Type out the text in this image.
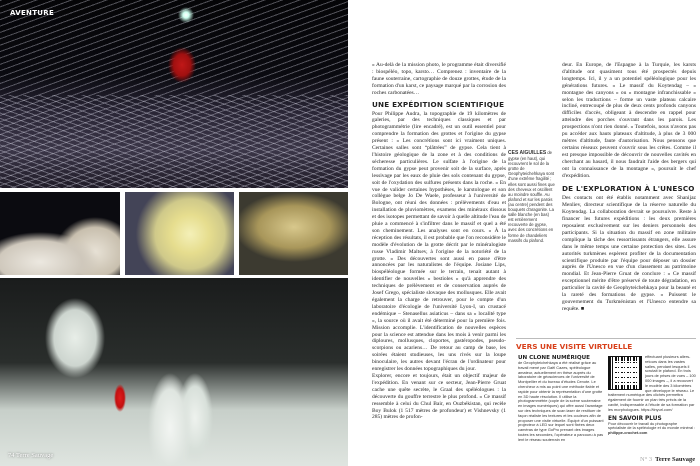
AVENTURE
74 Terre Sauvage

» Au-delà de la mission photo, le programme était diversifié : biospéléo, topo, karsto… Comprenez : inventaire de la faune souterraine, cartographie de douze grottes, étude de la formation d'un karst, ce paysage marqué par la corrosion des roches carbonatées…

UNE EXPÉDITION SCIENTIFIQUE

Pour Philippe Audra, la topographie de 19 kilomètres de galeries, par des techniques classiques et par photogrammétrie (lire encadré), est un outil essentiel pour comprendre la formation des grottes et l'origine du gypse présent : « Les concrétions sont ici vraiment uniques. Certaines salles sont “plâtrées” de gypse. Cela tient à l'histoire géologique de la zone et à des conditions de sécheresse particulières. Le sulfate à l'origine de la formation du gypse peut provenir soit de la surface, après lessivage par les eaux de pluie des sols contenant du gypse, soit de l'oxydation des sulfures présents dans la roche. » En vue de valider certaines hypothèses, le karstologue et son collègue belge Jo De Waele, professeur à l'université de Bologne, ont réuni des données : prélèvements d'eau et installation de pluviomètres, examens des minéraux dissous et des isotopes permettant de savoir à quelle altitude l'eau de pluie a commencé à s'infiltrer dans le massif et quel a été son cheminement. Les analyses sont en cours. « À la réception des résultats, il est probable que l'on reconsidère le modèle d'évolution de la grotte décrit par le minéralogiste russe Vladimir Maltsev, à l'origine de la notoriété de la grotte. » Des découvertes sont aussi en passe d'être annoncées par les naturalistes de l'équipe. Josiane Lips, biospéléologue formée sur le terrain, tenait autant à identifier de nouvelles « bestioles » qu'à apprendre des techniques de prélèvement et de conservation auprès de Josef Grego, spécialiste slovaque des mollusques. Elle avait également la charge de retrouver, pour le compte d'un laboratoire d'écologie de l'université Lyon-I, un crustacé endémique – Stenasellus asiaticus – dans sa « localité type », la source où il avait été déterminé pour la première fois. Mission accomplie. L'identification de nouvelles espèces pour la science est attendue dans les mois à venir parmi les diploures, mollusques, cloportes, gastéropodes, pseudo-scorpions ou acariens… De retour au camp de base, les soirées étaient studieuses, les uns rivés sur la loupe binoculaire, les autres devant l'écran de l'ordinateur pour enregistrer les données topographiques du jour.

Explorer, encore et toujours, était un objectif majeur de l'expédition. En venant sur ce secteur, Jean-Pierre Gruat cache une quête secrète, le Graal des spéléologues : la découverte du gouffre terrestre le plus profond. « Ce massif ressemble à celui du Chul Bair, en Ouzbékistan, qui recèle Boy Bulok (1 517 mètres de profondeur) et Vishnevsky (1 285) mètres de profon-

CES AIGUILLES de gypse (en haut), qui recouvrent le sol de la grotte de Geophyteichehkaya sont d'une extrême fragilité ; elles sont aussi fines que des cheveux et oscillent au moindre souffle. Au plafond et sur les parois (au centre) pendent des bouquets d'aragonite. La salle blanche (en bas) est entièrement recouverte de gypse, avec des concrétions en forme de chandeliers massifs du plafond.

deur. En Europe, de l'Espagne à la Turquie, les karsts d'altitude ont quasiment tous été prospectés depuis longtemps. Ici, il y a un potentiel spéléologique pour les générations futures. » Le massif du Koytendag – « montagne des canyons » ou « montagne infranchissable » selon les traductions – forme un vaste plateau calcaire incliné, entrecoupé de plus de deux cents profonds canyons difficiles d'accès, obligeant à descendre en rappel pour atteindre des porches s'ouvrant dans les parois. Les prospections n'ont rien donné. « Toutefois, nous n'avons pas pu accéder aux hauts plateaux d'altitude, à plus de 3 000 mètres d'altitude, faute d'autorisation. Nous pensons que certains réseaux peuvent s'ouvrir sous les crêtes. Comme il est presque impossible de découvrir de nouvelles cavités en cherchant au hasard, il nous faudrait l'aide des bergers qui ont la connaissance de la montagne », poursuit le chef d'expédition.

DE L'EXPLORATION À L'UNESCO

Des contacts ont été établis notamment avec Shanijaz Menliev, directeur scientifique de la réserve naturelle du Koytendag. La collaboration devrait se poursuivre. Reste à financer les futures expéditions : les deux premières reposaient exclusivement sur les deniers personnels des participants. Si la situation du massif en zone militaire complique la tâche des ressortissants étrangers, elle assure dans le même temps une certaine protection des sites. Les autorités turkmènes espèrent profiter de la documentation scientifique produite par l'équipe pour déposer un dossier auprès de l'Unesco en vue d'un classement au patrimoine mondial. Et Jean-Pierre Gruat de conclure : « Ce massif exceptionnel mérite d'être préservé de toute dégradation, en particulier la cavité de Geophyteichehkaya pour la beauté et la rareté des formations de gypse. » Puissent le gouvernement du Turkménistan et l'Unesco entendre sa requête. ■

VERS UNE VISITE VIRTUELLE
UN CLONE NUMÉRIQUE
de Geophyteichehkaya a été réalisé grâce au travail mené par Gaël Cazes, spéléologue amateur, actuellement en thèse auprès du laboratoire de géosciences de l'université de Montpellier et du bureau d'études Cenote. Le chercheur a mis au point une méthode fiable et rapide pour obtenir la représentation d'une grotte en 3D haute résolution. Il utilise la photogrammétrie (copie de la scène souterraine en images numériques) qui offre aussi l'avantage sur des techniques de scan laser de restituer de façon réaliste les textures et les couleurs afin de proposer une visite virtuelle. Équipé d'un puissant projecteur à LED sur lequel sont fixées deux caméras de type GoPro prenant des images toutes les secondes, l'opérateur a parcouru à pas lent le réseau souterrain en
effectuant plusieurs allers-retours dans les vastes salles, pendant lesquels il scrutait le plafond. En trois jours de prises de vues – 100 000 images –, il a recouvert le modèle des 3 kilomètres que développe le réseau. Le traitement numérique des clichés permettra également de fournir un plan très précis de la cavité, indispensable à l'étude de sa formation par les morphologues. https://tinyurl.com/
EN SAVOIR PLUS
Pour découvrir le travail du photographe spécialiste de la spéléologie et du monde minéral :
philippe-crochet.com
N° 3 Terre Sauvage
